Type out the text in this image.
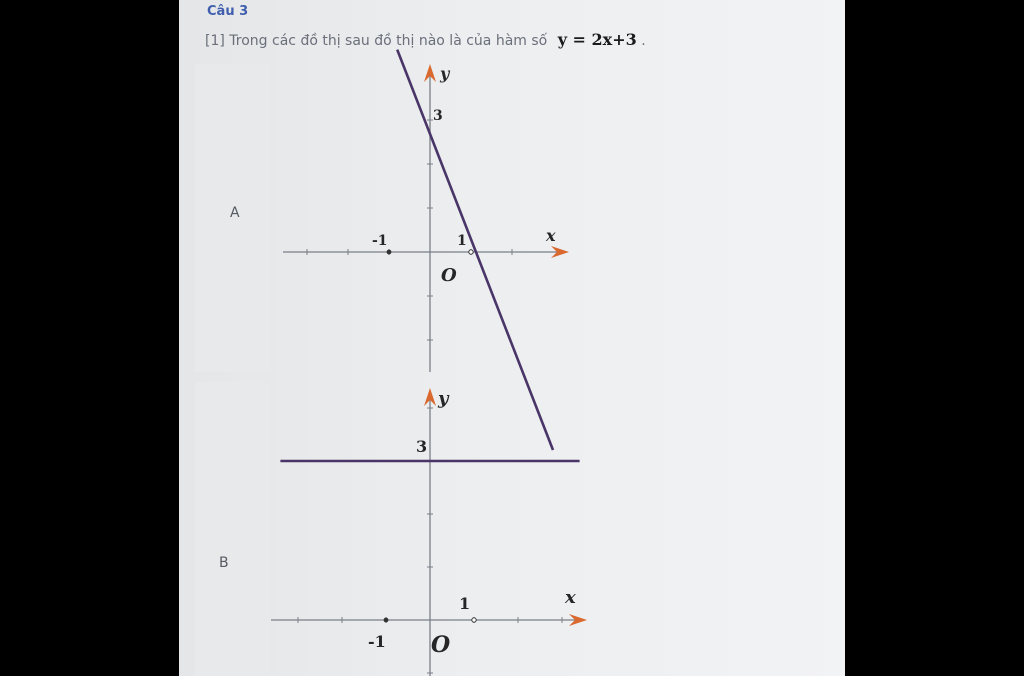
Câu 3
[1] Trong các đồ thị sau đồ thị nào là của hàm số y = 2x+3 .
A
B
-1	1
3
O
x
y
-1
1
3
O
x
y
